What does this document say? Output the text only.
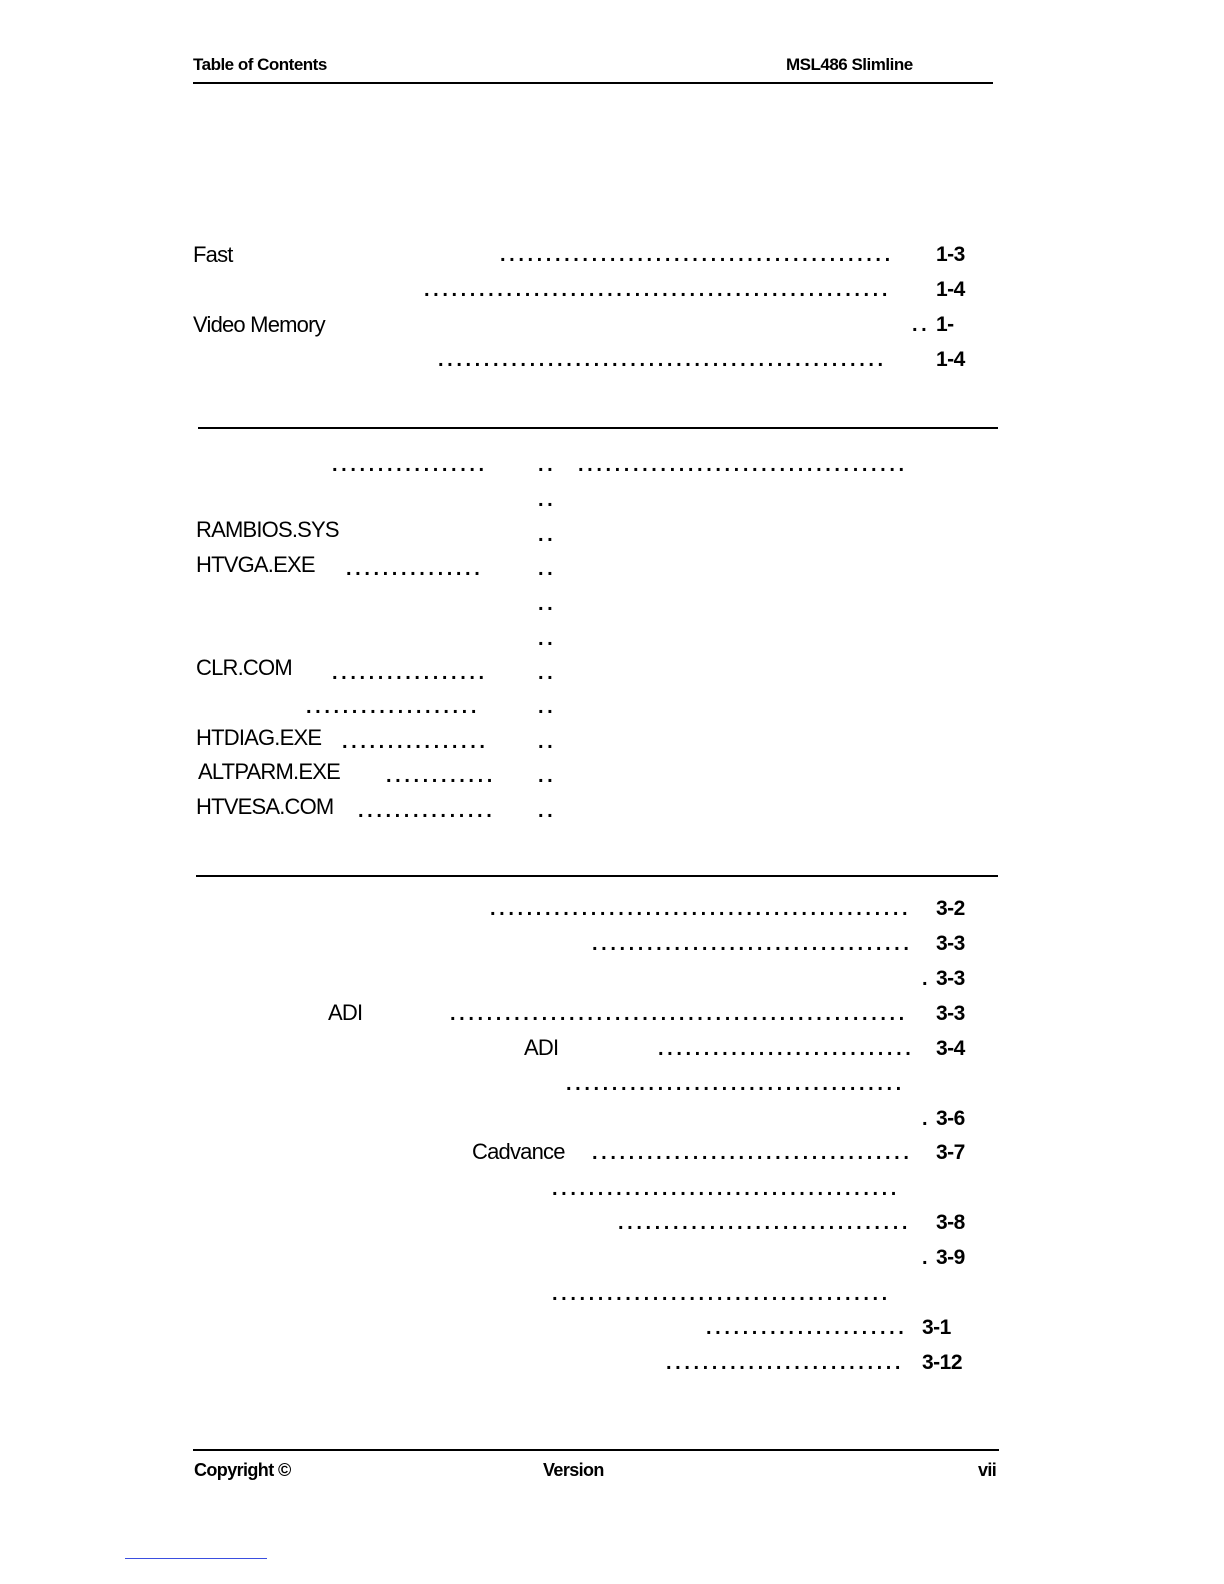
Table of Contents	MSL486 Slimline
Fast	...........................................	1-3
...................................................	1-4
Video Memory	.. 1-
.................................................	1-4
.................	.. ....................................
..
RAMBIOS.SYS	..
HTVGA.EXE ...............	..
..
..
CLR.COM .................	..
...................	..
HTDIAG.EXE ................	..
ALTPARM.EXE ............ ..
HTVESA.COM ............... ..
..............................................	3-2
...................................	3-3
. 3-3
ADI	..................................................	3-3
ADI	............................	3-4
.....................................
. 3-6
Cadvance ...................................	3-7
......................................
................................	3-8
. 3-9
.....................................
...................... 3-1
.......................... 3-12
Copyright ©	Version	vii
